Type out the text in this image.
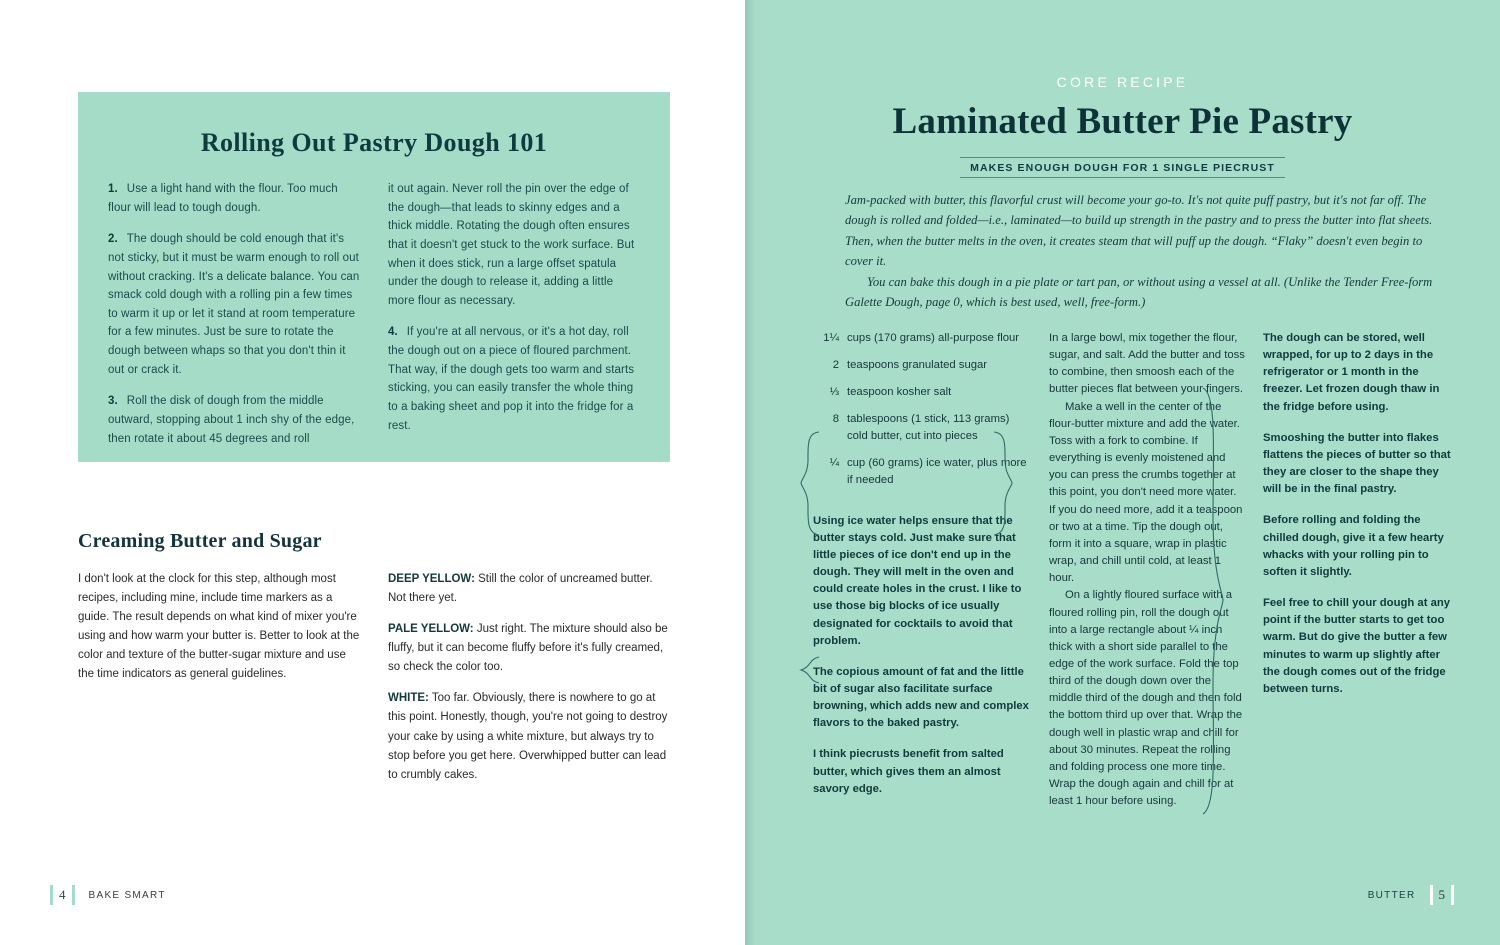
Rolling Out Pastry Dough 101
1. Use a light hand with the flour. Too much flour will lead to tough dough.
2. The dough should be cold enough that it's not sticky, but it must be warm enough to roll out without cracking. It's a delicate balance. You can smack cold dough with a rolling pin a few times to warm it up or let it stand at room temperature for a few minutes. Just be sure to rotate the dough between whaps so that you don't thin it out or crack it.
3. Roll the disk of dough from the middle outward, stopping about 1 inch shy of the edge, then rotate it about 45 degrees and roll
it out again. Never roll the pin over the edge of the dough—that leads to skinny edges and a thick middle. Rotating the dough often ensures that it doesn't get stuck to the work surface. But when it does stick, run a large offset spatula under the dough to release it, adding a little more flour as necessary.
4. If you're at all nervous, or it's a hot day, roll the dough out on a piece of floured parchment. That way, if the dough gets too warm and starts sticking, you can easily transfer the whole thing to a baking sheet and pop it into the fridge for a rest.
Creaming Butter and Sugar

I don't look at the clock for this step, although most recipes, including mine, include time markers as a guide. The result depends on what kind of mixer you're using and how warm your butter is. Better to look at the color and texture of the butter-sugar mixture and use the time indicators as general guidelines.

DEEP YELLOW: Still the color of uncreamed butter. Not there yet.

PALE YELLOW: Just right. The mixture should also be fluffy, but it can become fluffy before it's fully creamed, so check the color too.

WHITE: Too far. Obviously, there is nowhere to go at this point. Honestly, though, you're not going to destroy your cake by using a white mixture, but always try to stop before you get here. Overwhipped butter can lead to crumbly cakes.

4	BAKE SMART
CORE RECIPE
Laminated Butter Pie Pastry
MAKES ENOUGH DOUGH FOR 1 SINGLE PIECRUST

Jam-packed with butter, this flavorful crust will become your go-to. It's not quite puff pastry, but it's not far off. The dough is rolled and folded—i.e., laminated—to build up strength in the pastry and to press the butter into flat sheets. Then, when the butter melts in the oven, it creates steam that will puff up the dough. “Flaky” doesn't even begin to cover it.

You can bake this dough in a pie plate or tart pan, or without using a vessel at all. (Unlike the Tender Free-form Galette Dough, page 0, which is best used, well, free-form.)

1¼ cups (170 grams) all-purpose flour
2 teaspoons granulated sugar
⅓ teaspoon kosher salt
8 tablespoons (1 stick, 113 grams) cold butter, cut into pieces
¼ cup (60 grams) ice water, plus more if needed
Using ice water helps ensure that the butter stays cold. Just make sure that little pieces of ice don't end up in the dough. They will melt in the oven and could create holes in the crust. I like to use those big blocks of ice usually designated for cocktails to avoid that problem.
The copious amount of fat and the little bit of sugar also facilitate surface browning, which adds new and complex flavors to the baked pastry.
I think piecrusts benefit from salted butter, which gives them an almost savory edge.

In a large bowl, mix together the flour, sugar, and salt. Add the butter and toss to combine, then smoosh each of the butter pieces flat between your fingers.

Make a well in the center of the flour-butter mixture and add the water. Toss with a fork to combine. If everything is evenly moistened and you can press the crumbs together at this point, you don't need more water. If you do need more, add it a teaspoon or two at a time. Tip the dough out, form it into a square, wrap in plastic wrap, and chill until cold, at least 1 hour.

On a lightly floured surface with a floured rolling pin, roll the dough out into a large rectangle about ¼ inch thick with a short side parallel to the edge of the work surface. Fold the top third of the dough down over the middle third of the dough and then fold the bottom third up over that. Wrap the dough well in plastic wrap and chill for about 30 minutes. Repeat the rolling and folding process one more time. Wrap the dough again and chill for at least 1 hour before using.

The dough can be stored, well wrapped, for up to 2 days in the refrigerator or 1 month in the freezer. Let frozen dough thaw in the fridge before using.

Smooshing the butter into flakes flattens the pieces of butter so that they are closer to the shape they will be in the final pastry.

Before rolling and folding the chilled dough, give it a few hearty whacks with your rolling pin to soften it slightly.

Feel free to chill your dough at any point if the butter starts to get too warm. But do give the butter a few minutes to warm up slightly after the dough comes out of the fridge between turns.

BUTTER	5
